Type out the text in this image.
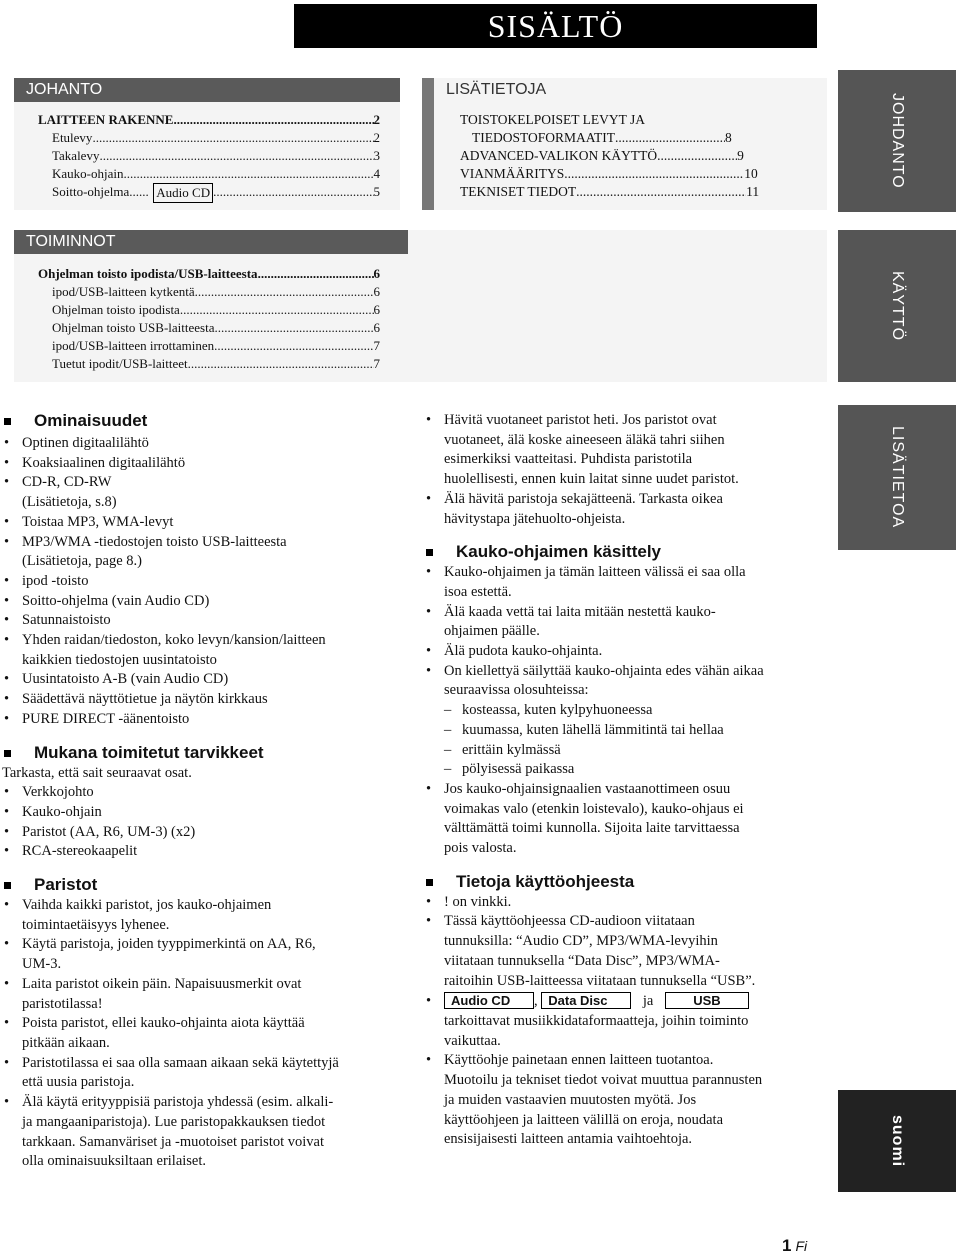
SISÄLTÖ
JOHANTO
LAITTEEN RAKENNE .....	2
Etulevy .....	2
Takalevy .....	3
Kauko-ohjain .....	4
Soitto-ohjelma ...... Audio CD .....	5
LISÄTIETOJA
TOISTOKELPOISET LEVYT JA
TIEDOSTOFORMAATIT .....	8
ADVANCED-VALIKON KÄYTTÖ .....	9
VIANMÄÄRITYS .....	10
TEKNISET TIEDOT .....	11
TOIMINNOT
Ohjelman toisto ipodista/USB-laitteesta .....	6
ipod/USB-laitteen kytkentä .....	6
Ohjelman toisto ipodista .....	6
Ohjelman toisto USB-laitteesta .....	6
ipod/USB-laitteen irrottaminen .....	7
Tuetut ipodit/USB-laitteet .....	7
JOHDANTO
KÄYTTÖ
LISÄTIETOA
suomi
Ominaisuudet
• Optinen digitaalilähtö
• Koaksiaalinen digitaalilähtö
• CD-R, CD-RW
(Lisätietoja, s.8)
• Toistaa MP3, WMA-levyt
• MP3/WMA -tiedostojen toisto USB-laitteesta
(Lisätietoja, page 8.)
• ipod -toisto
• Soitto-ohjelma (vain Audio CD)
• Satunnaistoisto
• Yhden raidan/tiedoston, koko levyn/kansion/laitteen
kaikkien tiedostojen uusintatoisto
• Uusintatoisto A-B (vain Audio CD)
• Säädettävä näyttötietue ja näytön kirkkaus
• PURE DIRECT -äänentoisto
Mukana toimitetut tarvikkeet
Tarkasta, että sait seuraavat osat.
• Verkkojohto
• Kauko-ohjain
• Paristot (AA, R6, UM-3) (x2)
• RCA-stereokaapelit
Paristot
• Vaihda kaikki paristot, jos kauko-ohjaimen
toimintaetäisyys lyhenee.
• Käytä paristoja, joiden tyyppimerkintä on AA, R6,
UM-3.
• Laita paristot oikein päin. Napaisuusmerkit ovat
paristotilassa!
• Poista paristot, ellei kauko-ohjainta aiota käyttää
pitkään aikaan.
• Paristotilassa ei saa olla samaan aikaan sekä käytettyjä
että uusia paristoja.
• Älä käytä erityyppisiä paristoja yhdessä (esim. alkali-
ja mangaaniparistoja). Lue paristopakkauksen tiedot
tarkkaan. Samanväriset ja -muotoiset paristot voivat
olla ominaisuuksiltaan erilaiset.
• Hävitä vuotaneet paristot heti. Jos paristot ovat
vuotaneet, älä koske aineeseen äläkä tahri siihen
esimerkiksi vaatteitasi. Puhdista paristotila
huolellisesti, ennen kuin laitat sinne uudet paristot.
• Älä hävitä paristoja sekajätteenä. Tarkasta oikea
hävitystapa jätehuolto-ohjeista.
Kauko-ohjaimen käsittely
• Kauko-ohjaimen ja tämän laitteen välissä ei saa olla
isoa estettä.
• Älä kaada vettä tai laita mitään nestettä kauko-
ohjaimen päälle.
• Älä pudota kauko-ohjainta.
• On kiellettyä säilyttää kauko-ohjainta edes vähän aikaa
seuraavissa olosuhteissa:
– kosteassa, kuten kylpyhuoneessa
– kuumassa, kuten lähellä lämmitintä tai hellaa
– erittäin kylmässä
– pölyisessä paikassa
• Jos kauko-ohjainsignaalien vastaanottimeen osuu
voimakas valo (etenkin loistevalo), kauko-ohjaus ei
välttämättä toimi kunnolla. Sijoita laite tarvittaessa
pois valosta.
Tietoja käyttöohjeesta
• ! on vinkki.
• Tässä käyttöohjeessa CD-audioon viitataan
tunnuksilla: “Audio CD”, MP3/WMA-levyihin
viitataan tunnuksella “Data Disc”, MP3/WMA-
raitoihin USB-laitteessa viitataan tunnuksella “USB”.
• Audio CD , Data Disc ja	USB
tarkoittavat musiikkidataformaatteja, joihin toiminto
vaikuttaa.
• Käyttöohje painetaan ennen laitteen tuotantoa.
Muotoilu ja tekniset tiedot voivat muuttua parannusten
ja muiden vastaavien muutosten myötä. Jos
käyttöohjeen ja laitteen välillä on eroja, noudata
ensisijaisesti laitteen antamia vaihtoehtoja.
1 Fi
